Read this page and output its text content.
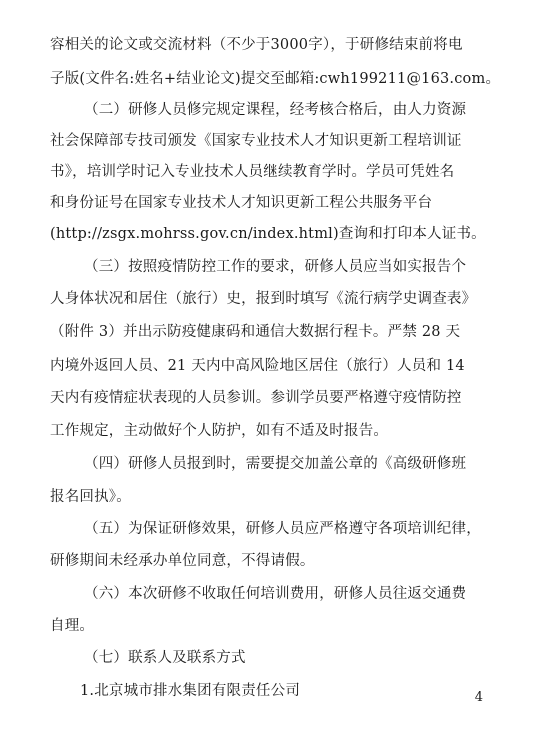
容相关的论文或交流材料（不少于3000字），于研修结束前将电
子版(文件名:姓名+结业论文)提交至邮箱:cwh199211@163.com。
（二）研修人员修完规定课程，经考核合格后，由人力资源
社会保障部专技司颁发《国家专业技术人才知识更新工程培训证
书》，培训学时记入专业技术人员继续教育学时。学员可凭姓名
和身份证号在国家专业技术人才知识更新工程公共服务平台
(http://zsgx.mohrss.gov.cn/index.html)查询和打印本人证书。
（三）按照疫情防控工作的要求，研修人员应当如实报告个
人身体状况和居住（旅行）史，报到时填写《流行病学史调查表》
（附件 3）并出示防疫健康码和通信大数据行程卡。严禁 28 天
内境外返回人员、21 天内中高风险地区居住（旅行）人员和 14
天内有疫情症状表现的人员参训。参训学员要严格遵守疫情防控
工作规定，主动做好个人防护，如有不适及时报告。
（四）研修人员报到时，需要提交加盖公章的《高级研修班
报名回执》。
（五）为保证研修效果，研修人员应严格遵守各项培训纪律，
研修期间未经承办单位同意，不得请假。
（六）本次研修不收取任何培训费用，研修人员往返交通费
自理。
（七）联系人及联系方式
1.北京城市排水集团有限责任公司	4
